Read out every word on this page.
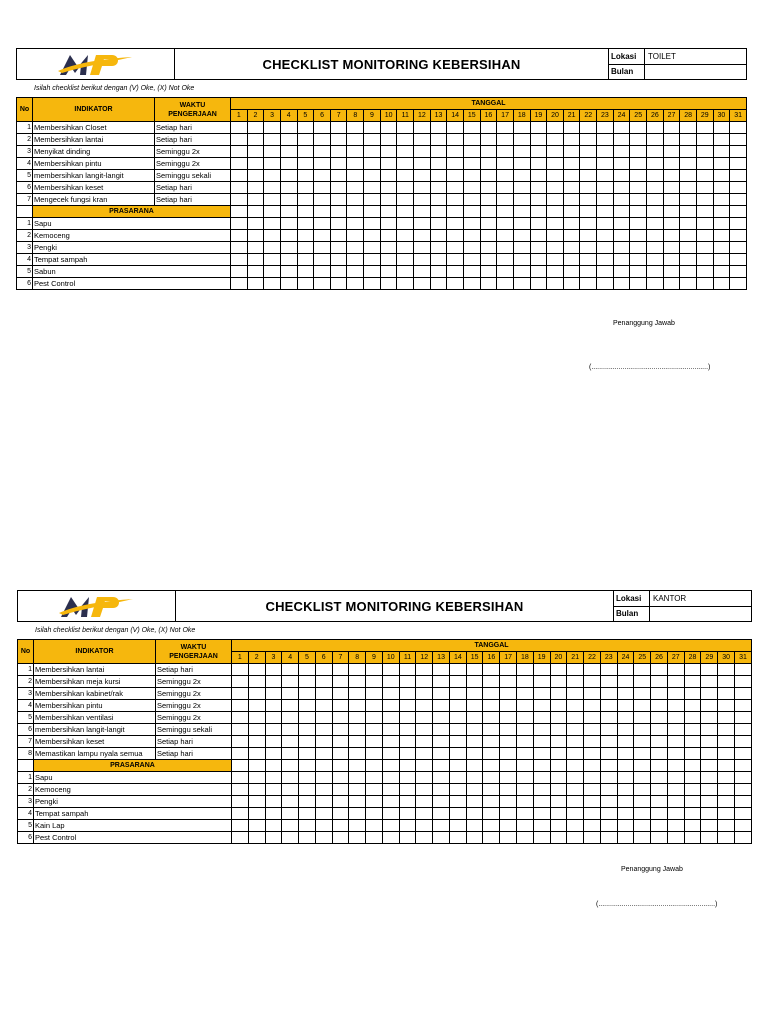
CHECKLIST MONITORING KEBERSIHAN
Lokasi	TOILET
Bulan
Isilah checklist berikut dengan (V) Oke, (X) Not Oke
No	INDIKATOR	WAKTU PENGERJAAN	TANGGAL																														
			1	2	3	4	5	6	7	8	9	10	11	12	13	14	15	16	17	18	19	20	21	22	23	24	25	26	27	28	29	30	31
1	Membersihkan Closet	Setiap hari																															
2	Membersihkan lantai	Setiap hari																															
3	Menyikat dinding	Seminggu 2x																															
4	Membersihkan pintu	Seminggu 2x																															
5	membersihkan langit-langit	Seminggu sekali																															
6	Membersihkan keset	Setiap hari																															
7	Mengecek fungsi kran	Setiap hari																															
	PRASARANA																																
1	Sapu																																
2	Kemoceng																																
3	Pengki																																
4	Tempat sampah																																
5	Sabun																																
6	Pest Control																																
Penanggung Jawab
(............................................................)
CHECKLIST MONITORING KEBERSIHAN
Lokasi	KANTOR
Bulan
Isilah checklist berikut dengan (V) Oke, (X) Not Oke
No	INDIKATOR	WAKTU PENGERJAAN	TANGGAL																														
			1	2	3	4	5	6	7	8	9	10	11	12	13	14	15	16	17	18	19	20	21	22	23	24	25	26	27	28	29	30	31
1	Membersihkan lantai	Setiap hari																															
2	Membersihkan meja kursi	Seminggu 2x																															
3	Membersihkan kabinet/rak	Seminggu 2x																															
4	Membersihkan pintu	Seminggu 2x																															
5	Membersihkan ventilasi	Seminggu 2x																															
6	membersihkan langit-langit	Seminggu sekali																															
7	Membersihkan keset	Setiap hari																															
8	Memastikan lampu nyala semua	Setiap hari																															
	PRASARANA																																
1	Sapu																																
2	Kemoceng																																
3	Pengki																																
4	Tempat sampah																																
5	Kain Lap																																
6	Pest Control																																
Penanggung Jawab
(............................................................)
